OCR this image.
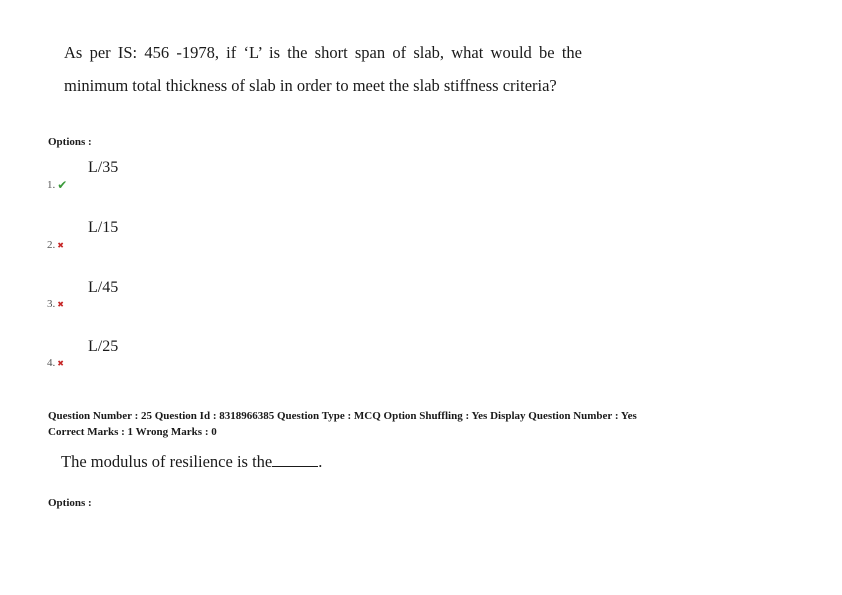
As per IS: 456 -1978, if ‘L’ is the short span of slab, what would be the minimum total thickness of slab in order to meet the slab stiffness criteria?

Options :

L/35

1. ✔

L/15

2. ✖

L/45

3. ✖

L/25

4. ✖

Question Number : 25 Question Id : 8318966385 Question Type : MCQ Option Shuffling : Yes Display Question Number : Yes

Correct Marks : 1 Wrong Marks : 0

The modulus of resilience is the	.

Options :
